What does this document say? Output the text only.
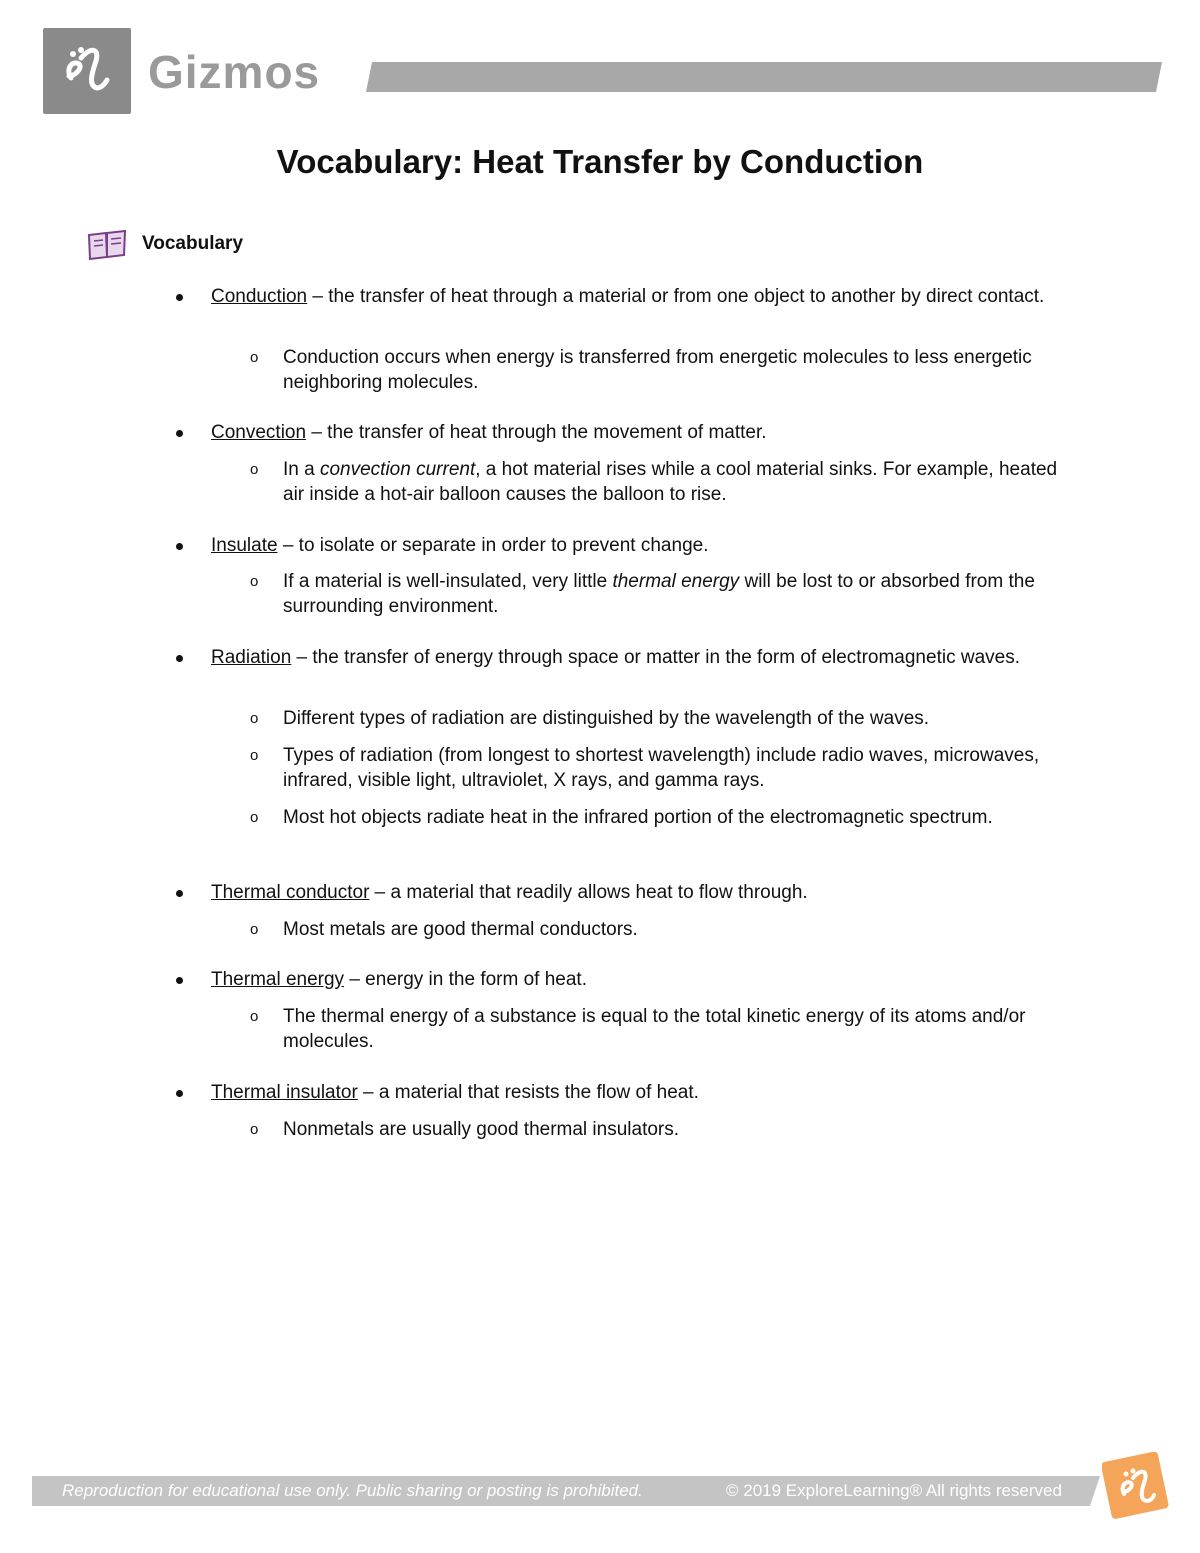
Gizmos
Vocabulary: Heat Transfer by Conduction
Vocabulary
Conduction – the transfer of heat through a material or from one object to another by direct contact.
o Conduction occurs when energy is transferred from energetic molecules to less energetic neighboring molecules.
Convection – the transfer of heat through the movement of matter.
o In a convection current, a hot material rises while a cool material sinks. For example, heated air inside a hot-air balloon causes the balloon to rise.
Insulate – to isolate or separate in order to prevent change.
o If a material is well-insulated, very little thermal energy will be lost to or absorbed from the surrounding environment.
Radiation – the transfer of energy through space or matter in the form of electromagnetic waves.
o Different types of radiation are distinguished by the wavelength of the waves.
o Types of radiation (from longest to shortest wavelength) include radio waves, microwaves, infrared, visible light, ultraviolet, X rays, and gamma rays.
o Most hot objects radiate heat in the infrared portion of the electromagnetic spectrum.
Thermal conductor – a material that readily allows heat to flow through.
o Most metals are good thermal conductors.
Thermal energy – energy in the form of heat.
o The thermal energy of a substance is equal to the total kinetic energy of its atoms and/or molecules.
Thermal insulator – a material that resists the flow of heat.
o Nonmetals are usually good thermal insulators.
Reproduction for educational use only. Public sharing or posting is prohibited.	© 2019 ExploreLearning® All rights reserved
